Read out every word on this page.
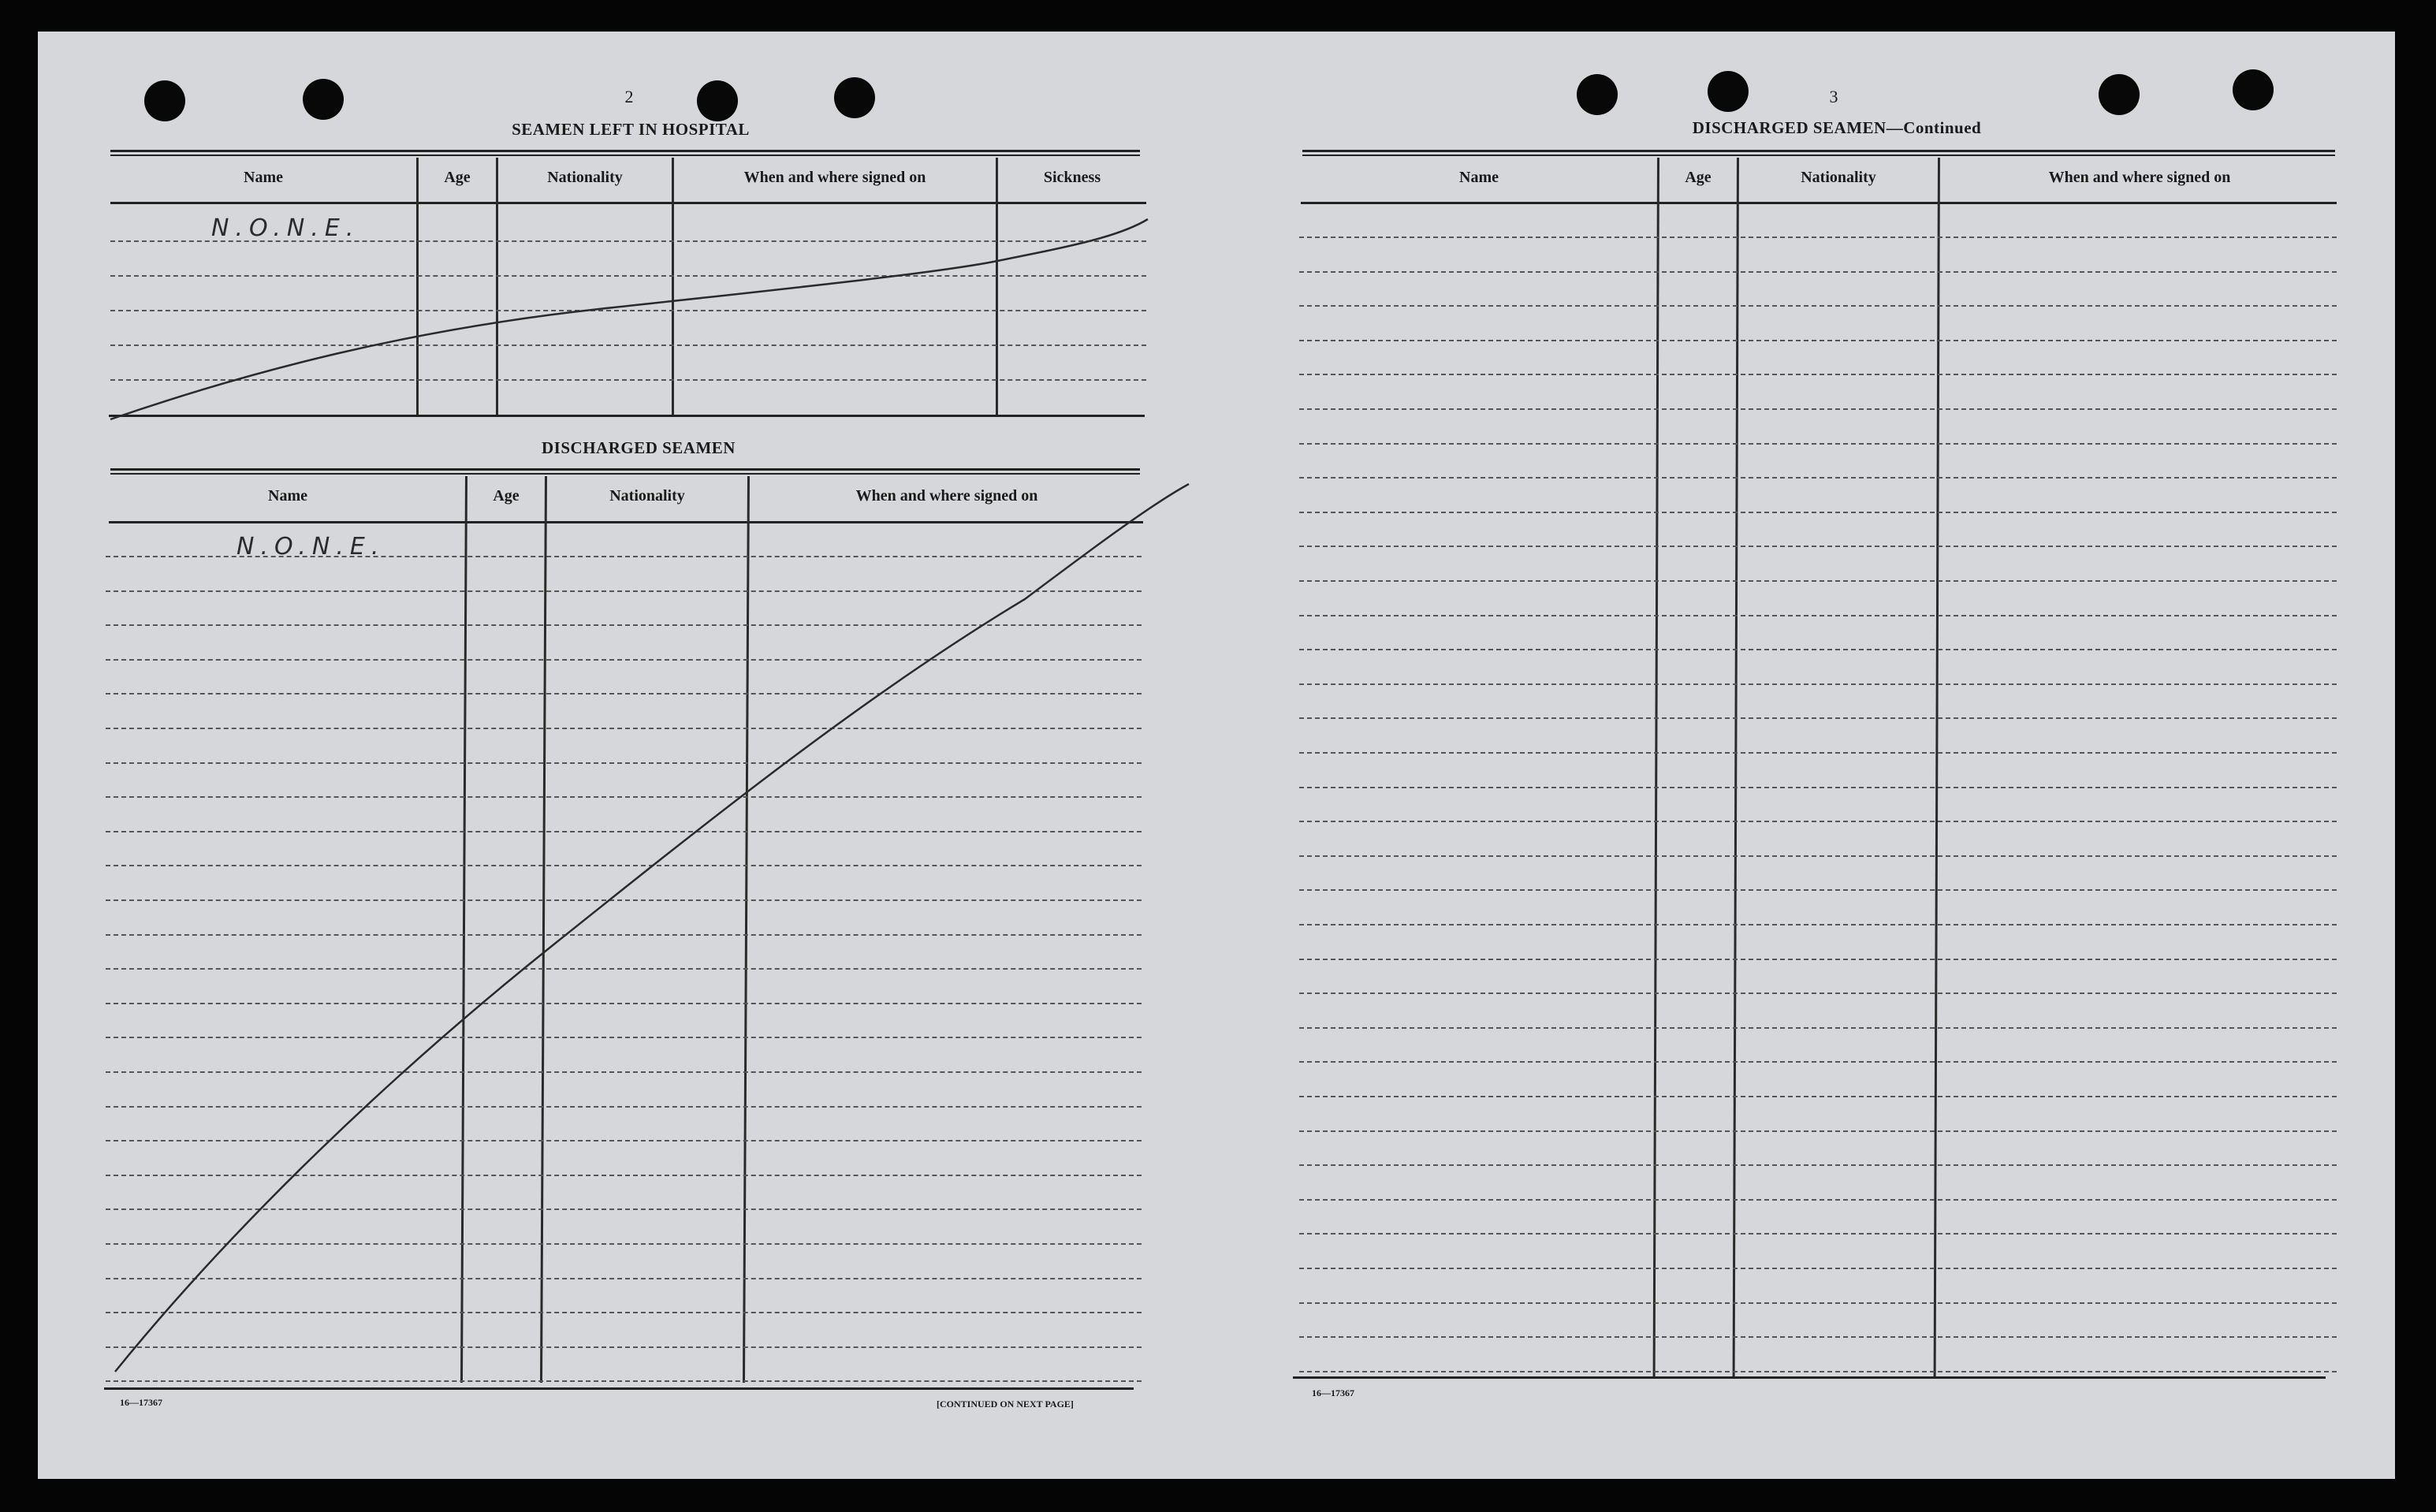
2
SEAMEN LEFT IN HOSPITAL
Name	Age	Nationality	When and where signed on	Sickness
N.O.N.E.
DISCHARGED SEAMEN
Name	Age	Nationality	When and where signed on
N.O.N.E.
16—17367	[CONTINUED ON NEXT PAGE]
3
DISCHARGED SEAMEN—Continued
Name	Age	Nationality	When and where signed on
16—17367
